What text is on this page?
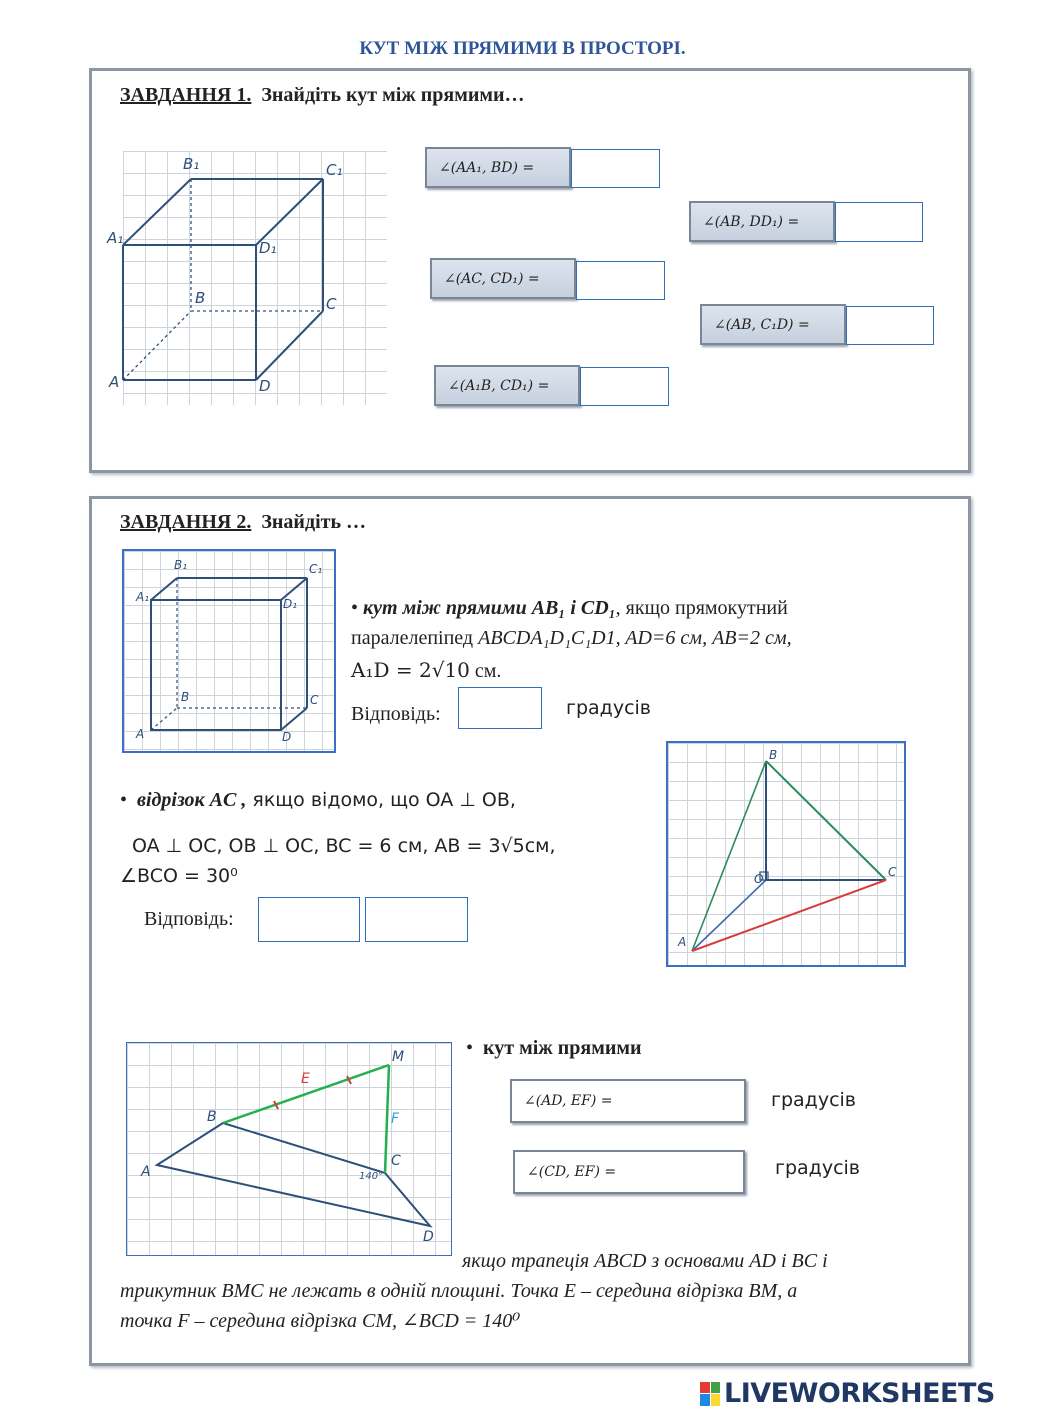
КУТ МІЖ ПРЯМИМИ В ПРОСТОРІ.
ЗАВДАННЯ 1. Знайдіть кут між прямими…
B₁	C₁
A₁
D₁
B	C
A	D
∠(AA₁, BD) =
∠(AB, DD₁) =
∠(AC, CD₁) =
∠(AB, C₁D) =
∠(A₁B, CD₁) =
ЗАВДАННЯ 2. Знайдіть …
B₁	C₁
A₁	D₁
B	C
A	D
• кут між прямими AB₁ і CD₁, якщо прямокутний
паралелепіпед ABCDA₁D₁C₁D1, AD=6 см, AB=2 см,
A₁D = 2√10 см.
Відповідь:	градусів
• відрізок AC , якщо відомо, що OA ⊥ OB,
OA ⊥ OC, OB ⊥ OC, BC = 6 см, AB = 3√5см,
∠BCO = 30⁰
Відповідь:
B
O	C
A
M
E
F
B
C
A
D
140°
• кут між прямими
∠(AD, EF) =	градусів
∠(CD, EF) =	градусів
якщо трапеція ABCD з основами AD і BC і
трикутник BMC не лежать в одній площині. Точка E – середина відрізка BM, а
точка F – середина відрізка CM, ∠BCD = 140⁰
LIVEWORKSHEETS
